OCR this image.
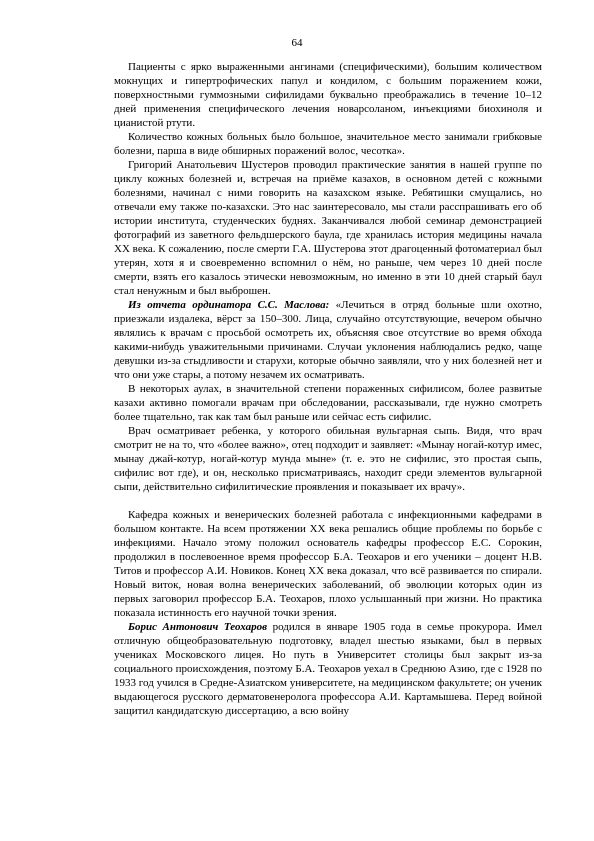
64

Пациенты с ярко выраженными ангинами (специфическими), большим количеством мокнущих и гипертрофических папул и кондилом, с большим поражением кожи, поверхностными гуммозными сифилидами буквально преображались в течение 10–12 дней применения специфического лечения новарсоланом, инъекциями биохиноля и цианистой ртути.

Количество кожных больных было большое, значительное место занимали грибковые болезни, парша в виде обширных поражений волос, чесотка».

Григорий Анатольевич Шустеров проводил практические занятия в нашей группе по циклу кожных болезней и, встречая на приёме казахов, в основном детей с кожными болезнями, начинал с ними говорить на казахском языке. Ребятишки смущались, но отвечали ему также по-казахски. Это нас заинтересовало, мы стали расспрашивать его об истории института, студенческих буднях. Заканчивался любой семинар демонстрацией фотографий из заветного фельдшерского баула, где хранилась история медицины начала XX века. К сожалению, после смерти Г.А. Шустерова этот драгоценный фотоматериал был утерян, хотя я и своевременно вспомнил о нём, но раньше, чем через 10 дней после смерти, взять его казалось этически невозможным, но именно в эти 10 дней старый баул стал ненужным и был выброшен.

Из отчета ординатора С.С. Маслова: «Лечиться в отряд больные шли охотно, приезжали издалека, вёрст за 150–300. Лица, случайно отсутствующие, вечером обычно являлись к врачам с просьбой осмотреть их, объясняя свое отсутствие во время обхода какими-нибудь уважительными причинами. Случаи уклонения наблюдались редко, чаще девушки из-за стыдливости и старухи, которые обычно заявляли, что у них болезней нет и что они уже стары, а потому незачем их осматривать.

В некоторых аулах, в значительной степени пораженных сифилисом, более развитые казахи активно помогали врачам при обследовании, рассказывали, где нужно смотреть более тщательно, так как там был раньше или сейчас есть сифилис.

Врач осматривает ребенка, у которого обильная вульгарная сыпь. Видя, что врач смотрит не на то, что «более важно», отец подходит и заявляет: «Мынау ногай-котур имес, мынау джай-котур, ногай-котур мунда мыне» (т. е. это не сифилис, это простая сыпь, сифилис вот где), и он, несколько присматриваясь, находит среди элементов вульгарной сыпи, действительно сифилитические проявления и показывает их врачу».

Кафедра кожных и венерических болезней работала с инфекционными кафедрами в большом контакте. На всем протяжении XX века решались общие проблемы по борьбе с инфекциями. Начало этому положил основатель кафедры профессор Е.С. Сорокин, продолжил в послевоенное время профессор Б.А. Теохаров и его ученики – доцент Н.В. Титов и профессор А.И. Новиков. Конец XX века доказал, что всё развивается по спирали. Новый виток, новая волна венерических заболеваний, об эволюции которых один из первых заговорил профессор Б.А. Теохаров, плохо услышанный при жизни. Но практика показала истинность его научной точки зрения.

Борис Антонович Теохаров родился в январе 1905 года в семье прокурора. Имел отличную общеобразовательную подготовку, владел шестью языками, был в первых учениках Московского лицея. Но путь в Университет столицы был закрыт из-за социального происхождения, поэтому Б.А. Теохаров уехал в Среднюю Азию, где с 1928 по 1933 год учился в Средне-Азиатском университете, на медицинском факультете; он ученик выдающегося русского дерматовенеролога профессора А.И. Картамышева. Перед войной защитил кандидатскую диссертацию, а всю войну
